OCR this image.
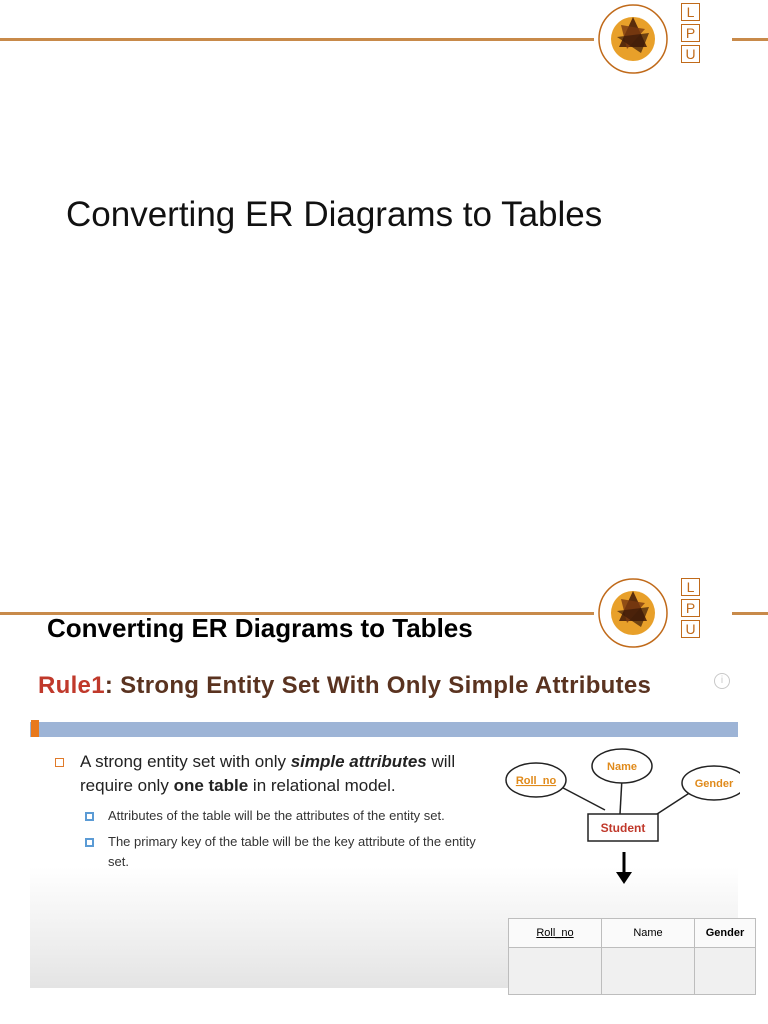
L
P
U
Converting ER Diagrams to Tables
L
P
U
Converting ER Diagrams to Tables
Rule1: Strong Entity Set With Only Simple Attributes	i
A strong entity set with only simple attributes will require only one table in relational model.
Attributes of the table will be the attributes of the entity set.
The primary key of the table will be the key attribute of the entity set.
Roll_no
Name
Gender
Student
Roll_no	Name	Gender
